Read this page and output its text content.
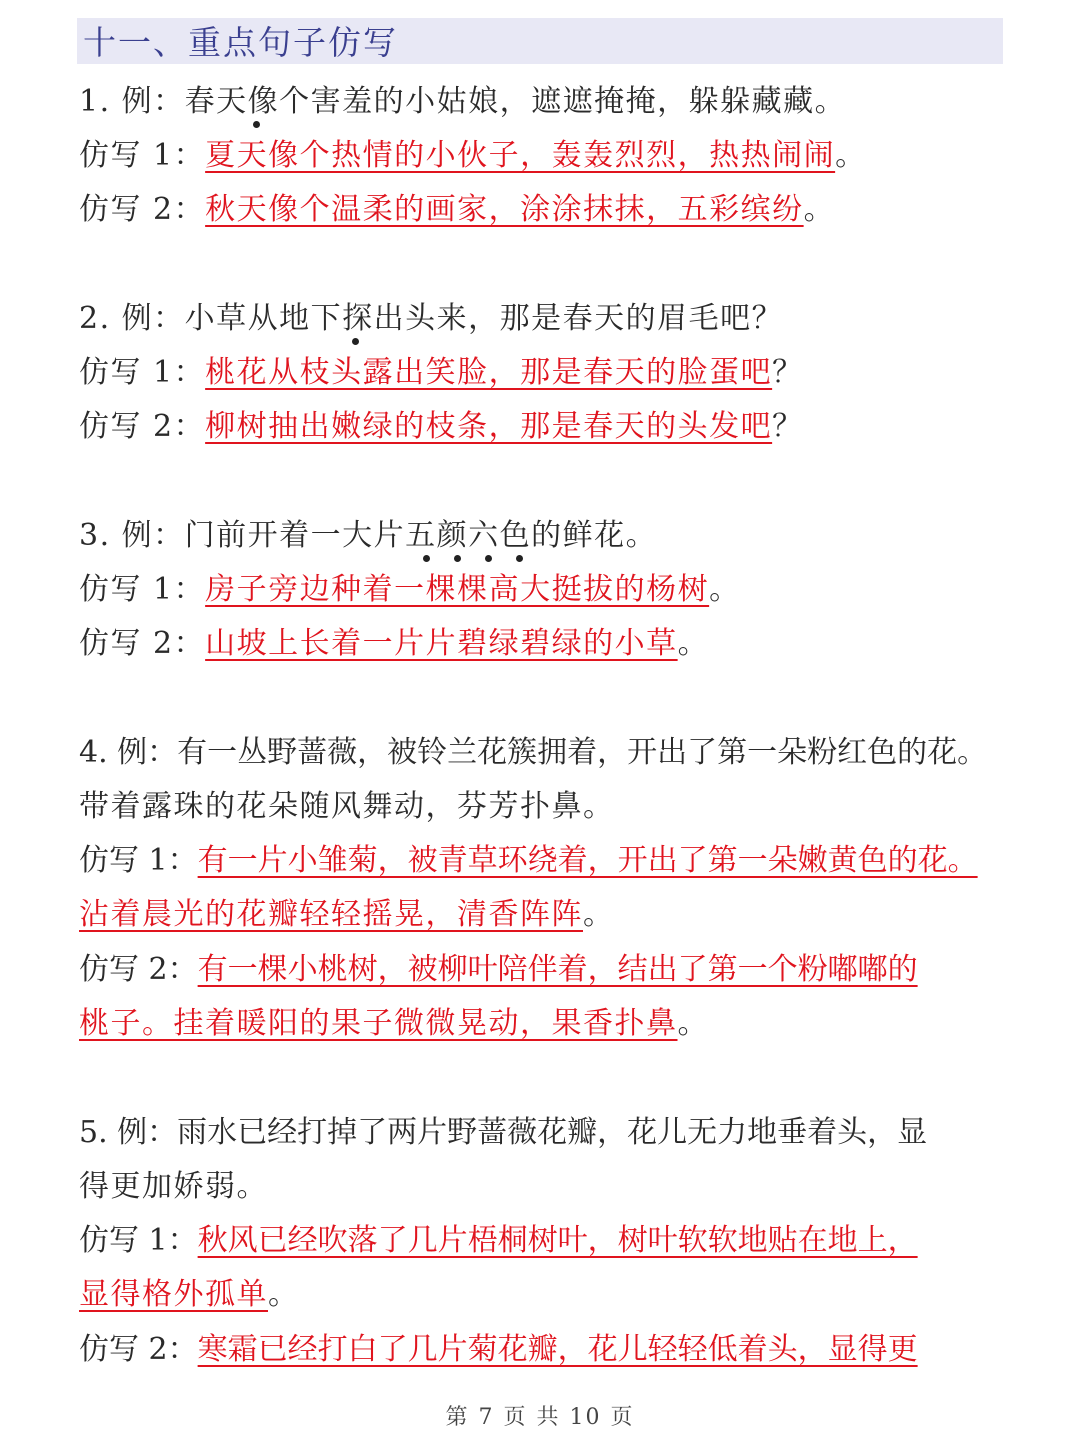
十一、重点句子仿写
1. 例：春天像个害羞的小姑娘，遮遮掩掩，躲躲藏藏。
仿写 1：夏天像个热情的小伙子，轰轰烈烈，热热闹闹。
仿写 2：秋天像个温柔的画家，涂涂抹抹，五彩缤纷。
2. 例：小草从地下探出头来，那是春天的眉毛吧？
仿写 1：桃花从枝头露出笑脸，那是春天的脸蛋吧？
仿写 2：柳树抽出嫩绿的枝条，那是春天的头发吧？
3. 例：门前开着一大片五颜六色的鲜花。
仿写 1：房子旁边种着一棵棵高大挺拔的杨树。
仿写 2：山坡上长着一片片碧绿碧绿的小草。
4. 例：有一丛野蔷薇，被铃兰花簇拥着，开出了第一朵粉红色的花。
带着露珠的花朵随风舞动，芬芳扑鼻。
仿写 1：有一片小雏菊，被青草环绕着，开出了第一朵嫩黄色的花。
沾着晨光的花瓣轻轻摇晃，清香阵阵。
仿写 2：有一棵小桃树，被柳叶陪伴着，结出了第一个粉嘟嘟的
桃子。挂着暖阳的果子微微晃动，果香扑鼻。
5. 例：雨水已经打掉了两片野蔷薇花瓣，花儿无力地垂着头，显
得更加娇弱。
仿写 1：秋风已经吹落了几片梧桐树叶，树叶软软地贴在地上，
显得格外孤单。
仿写 2：寒霜已经打白了几片菊花瓣，花儿轻轻低着头，显得更
第 7 页 共 10 页
